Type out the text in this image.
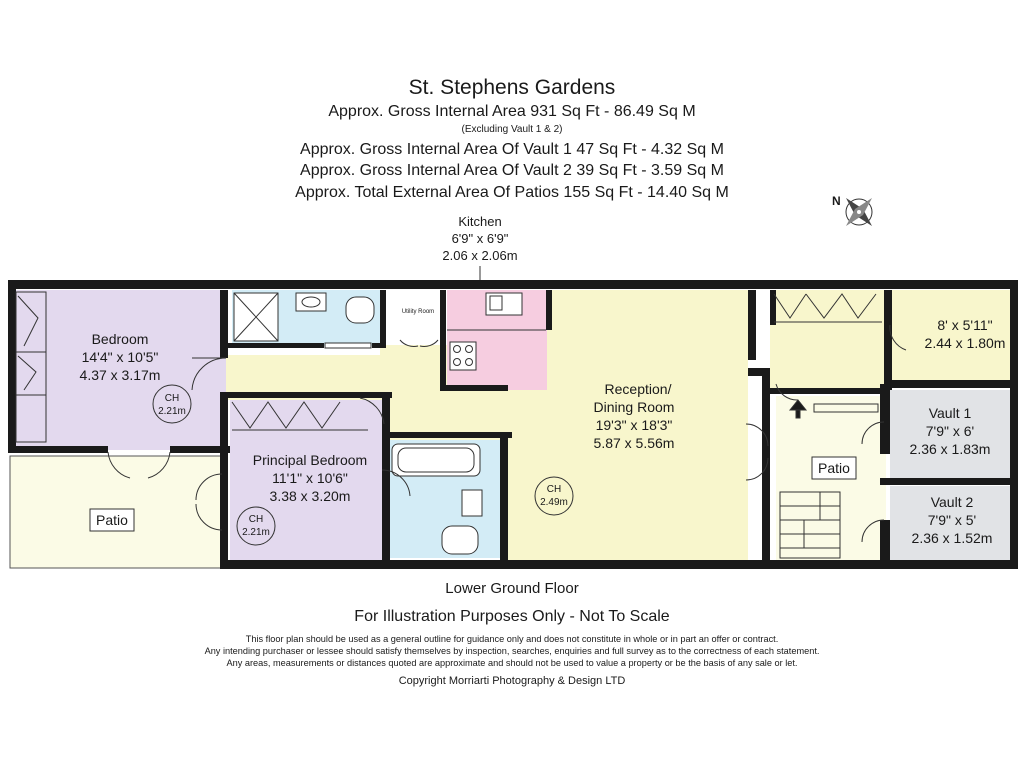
St. Stephens Gardens
Approx. Gross Internal Area 931 Sq Ft - 86.49 Sq M
(Excluding Vault 1 & 2)
Approx. Gross Internal Area Of Vault 1 47 Sq Ft - 4.32 Sq M
Approx. Gross Internal Area Of Vault 2 39 Sq Ft - 3.59 Sq M
Approx. Total External Area Of Patios 155 Sq Ft - 14.40 Sq M	N
Kitchen
6'9" x 6'9"
2.06 x 2.06m
Bedroom
14'4" x 10'5"
4.37 x 3.17m
CH
2.21m
Principal Bedroom
11'1" x 10'6"
3.38 x 3.20m
CH
2.21m
Reception/
Dining Room
19'3" x 18'3"
5.87 x 5.56m
CH
2.49m
Utility Room
Patio
Patio
8' x 5'11"
2.44 x 1.80m
Vault 1
7'9" x 6'
2.36 x 1.83m
Vault 2
7'9" x 5'
2.36 x 1.52m
Lower Ground Floor
For Illustration Purposes Only - Not To Scale
This floor plan should be used as a general outline for guidance only and does not constitute in whole or in part an offer or contract.
Any intending purchaser or lessee should satisfy themselves by inspection, searches, enquiries and full survey as to the correctness of each statement.
Any areas, measurements or distances quoted are approximate and should not be used to value a property or be the basis of any sale or let.
Copyright Morriarti Photography & Design LTD
